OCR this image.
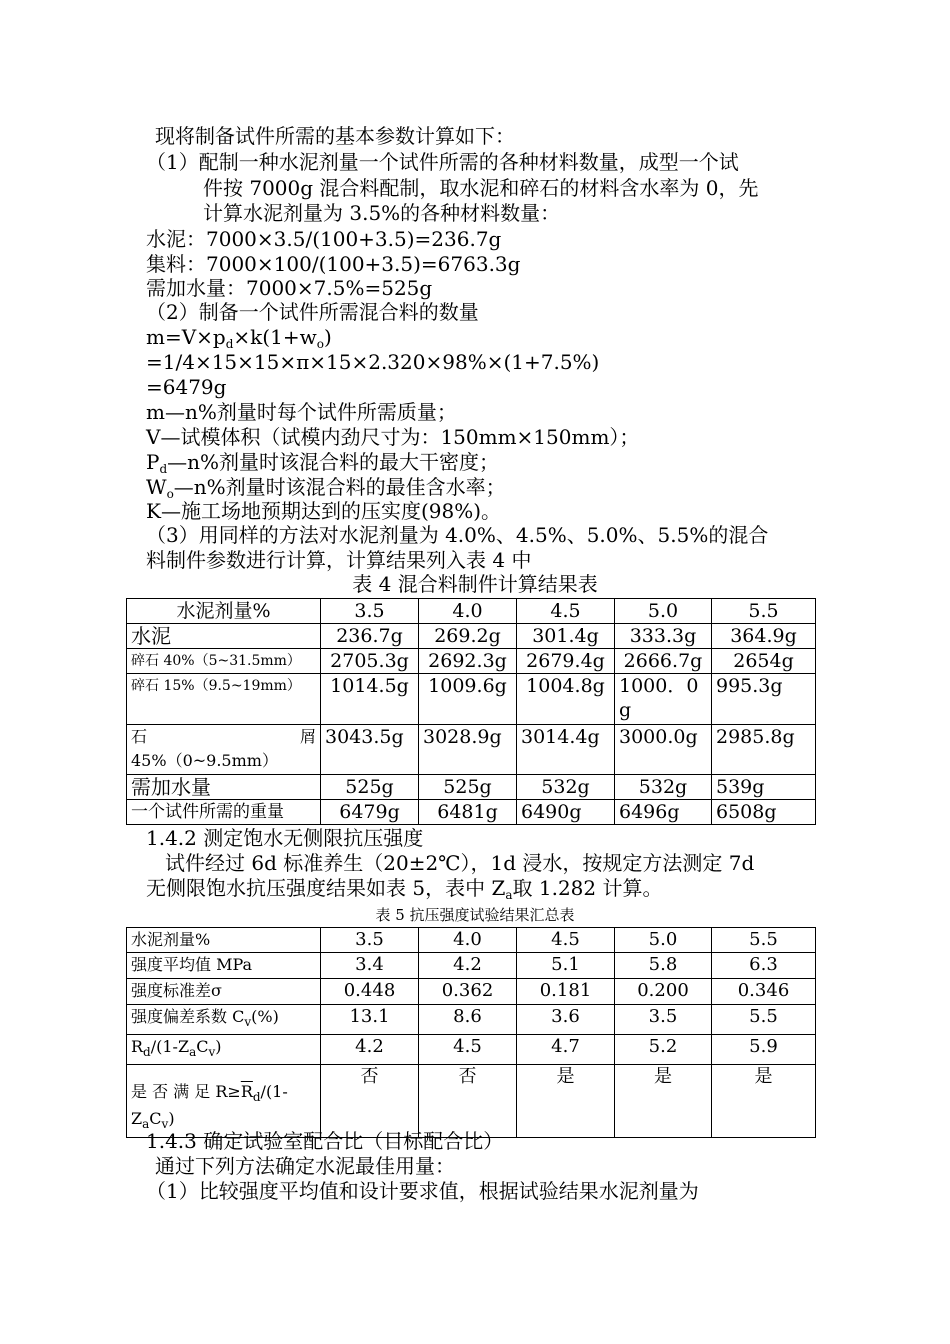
现将制备试件所需的基本参数计算如下：
（1）配制一种水泥剂量一个试件所需的各种材料数量，成型一个试
件按 7000g 混合料配制，取水泥和碎石的材料含水率为 0，先
计算水泥剂量为 3.5%的各种材料数量：
水泥：7000×3.5/(100+3.5)=236.7g
集料：7000×100/(100+3.5)=6763.3g
需加水量：7000×7.5%=525g
（2）制备一个试件所需混合料的数量
$m=V\times p_d\times k(1+w_o)$
=1/4×15×15×π×15×2.320×98%×(1+7.5%)
=6479g
m—n%剂量时每个试件所需质量；
V—试模体积（试模内劲尺寸为：150mm×150mm）；
$P_d—n\%$剂量时该混合料的最大干密度；
$W_o—n\%$剂量时该混合料的最佳含水率；
K—施工场地预期达到的压实度(98%)。
（3）用同样的方法对水泥剂量为 4.0%、4.5%、5.0%、5.5%的混合
料制件参数进行计算，计算结果列入表 4 中
表 4 混合料制件计算结果表
水泥剂量%	3.5	4.0	4.5	5.0	5.5
水泥	236.7g	269.2g	301.4g	333.3g	364.9g
碎石 40%（5~31.5mm）	2705.3g	2692.3g	2679.4g	2666.7g	2654g
碎石 15%（9.5~19mm）	1014.5g	1009.6g	1004.8g	1000．0g	995.3g

石 屑
45%（0~9.5mm）	3043.5g	3028.9g	3014.4g	3000.0g	2985.8g
需加水量	525g	525g	532g	532g	539g
一个试件所需的重量	6479g	6481g	6490g	6496g	6508g
1.4.2 测定饱水无侧限抗压强度
试件经过 6d 标准养生（20±2℃），1d 浸水，按规定方法测定 7d
无侧限饱水抗压强度结果如表 5，表中 $Z_a$取 1.282 计算。
表 5 抗压强度试验结果汇总表
水泥剂量%	3.5	4.0	4.5	5.0	5.5
强度平均值 MPa	3.4	4.2	5.1	5.8	6.3
强度标准差σ	0.448	0.362	0.181	0.200	0.346
强度偏差系数 $C_v(\%)$	13.1	8.6	3.6	3.5	5.5
$R_d/(1-Z_aC_v)$	4.2	4.5	4.7	5.2	5.9

是 否 满 足 $R\ge\overline{R}_d/(1-$
$Z_aC_v$)	否	否	是	是	是
1.4.3 确定试验室配合比（目标配合比）
通过下列方法确定水泥最佳用量：
（1）比较强度平均值和设计要求值，根据试验结果水泥剂量为
